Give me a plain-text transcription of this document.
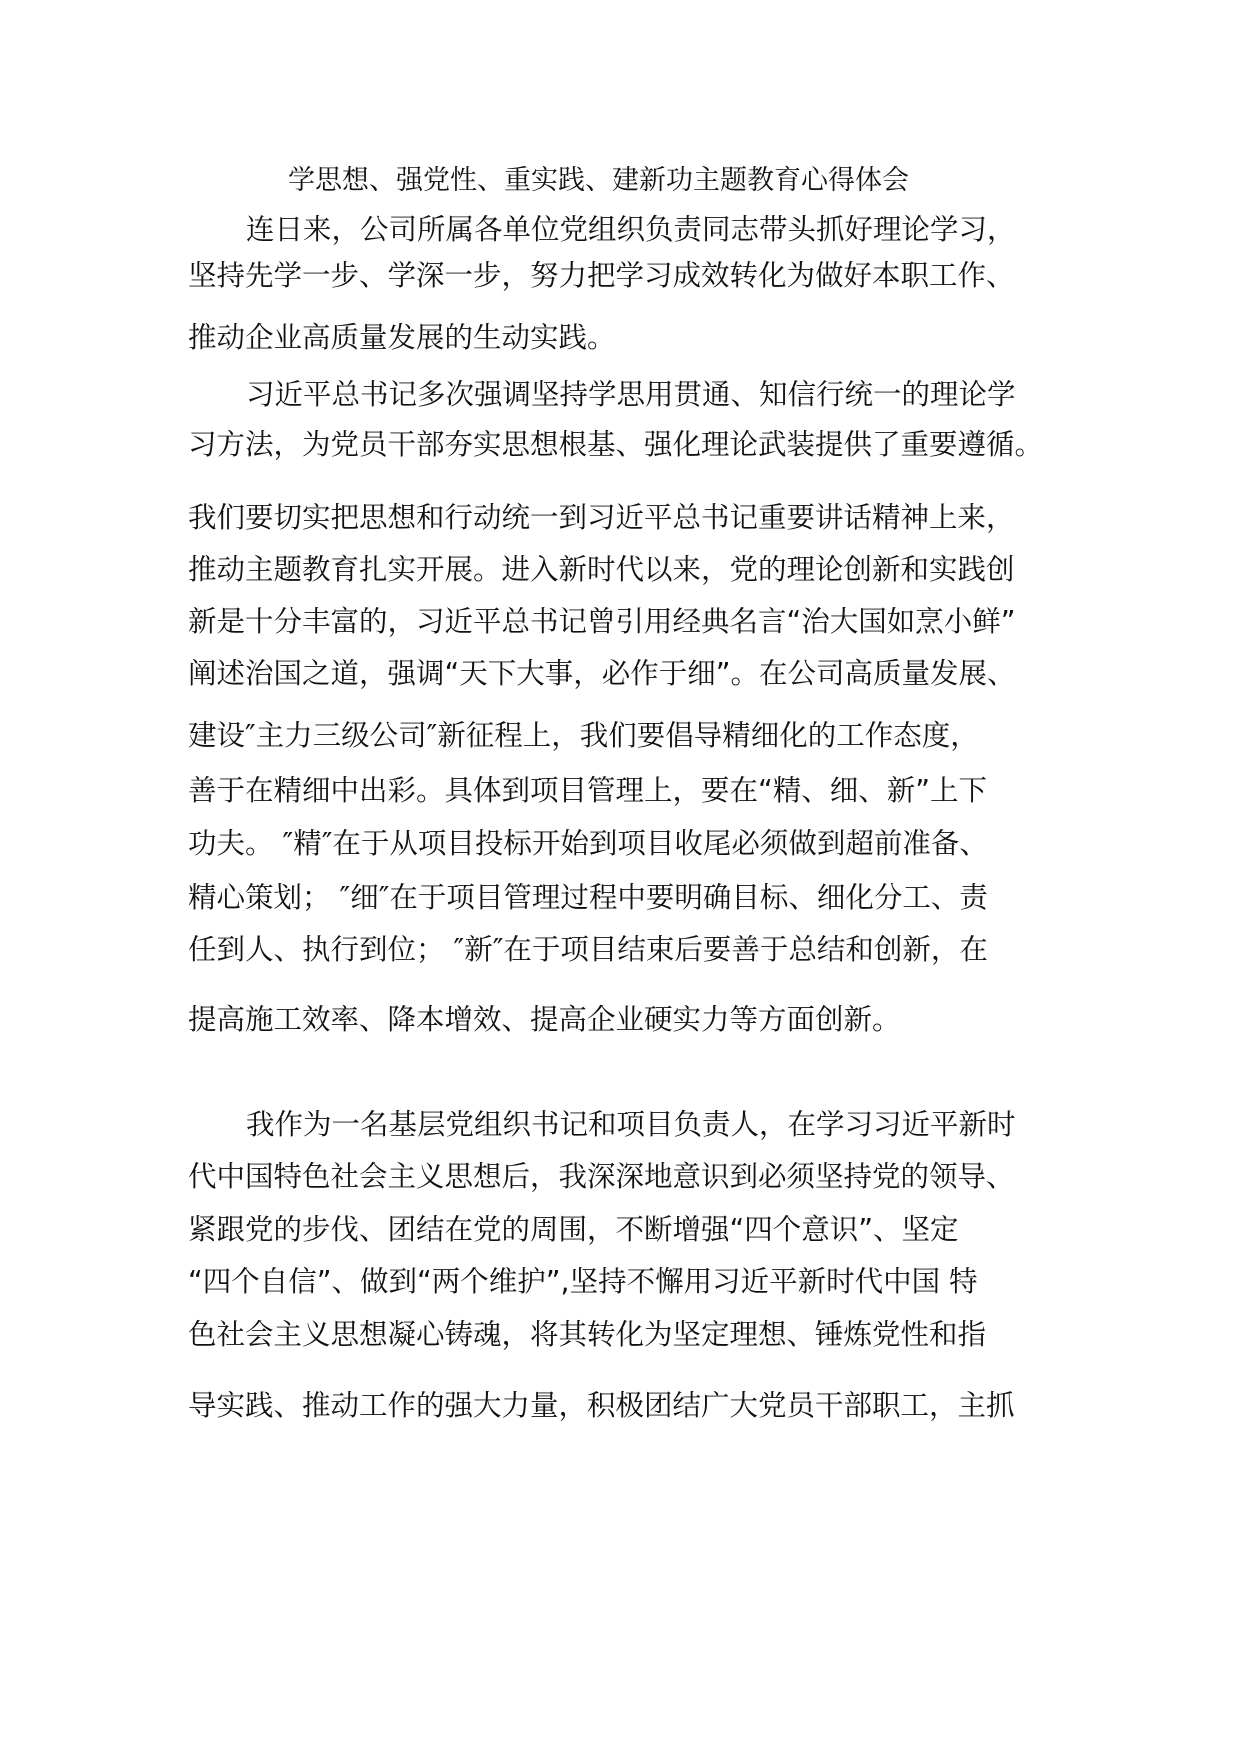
学思想、强党性、重实践、建新功主题教育心得体会
连日来，公司所属各单位党组织负责同志带头抓好理论学习，
坚持先学一步、学深一步，努力把学习成效转化为做好本职工作、
推动企业高质量发展的生动实践。
习近平总书记多次强调坚持学思用贯通、知信行统一的理论学
习方法，为党员干部夯实思想根基、强化理论武装提供了重要遵循。
我们要切实把思想和行动统一到习近平总书记重要讲话精神上来，
推动主题教育扎实开展。进入新时代以来，党的理论创新和实践创
新是十分丰富的，习近平总书记曾引用经典名言“治大国如烹小鲜”
阐述治国之道，强调“天下大事，必作于细”。在公司高质量发展、
建设″主力三级公司″新征程上，我们要倡导精细化的工作态度，
善于在精细中出彩。具体到项目管理上，要在“精、细、新”上下
功夫。 ″精″在于从项目投标开始到项目收尾必须做到超前准备、
精心策划； ″细″在于项目管理过程中要明确目标、细化分工、责
任到人、执行到位； ″新″在于项目结束后要善于总结和创新，在
提高施工效率、降本增效、提高企业硬实力等方面创新。
我作为一名基层党组织书记和项目负责人，在学习习近平新时
代中国特色社会主义思想后，我深深地意识到必须坚持党的领导、
紧跟党的步伐、团结在党的周围，不断增强“四个意识”、坚定
“四个自信”、做到“两个维护”,坚持不懈用习近平新时代中国 特
色社会主义思想凝心铸魂，将其转化为坚定理想、锤炼党性和指
导实践、推动工作的强大力量，积极团结广大党员干部职工，主抓
